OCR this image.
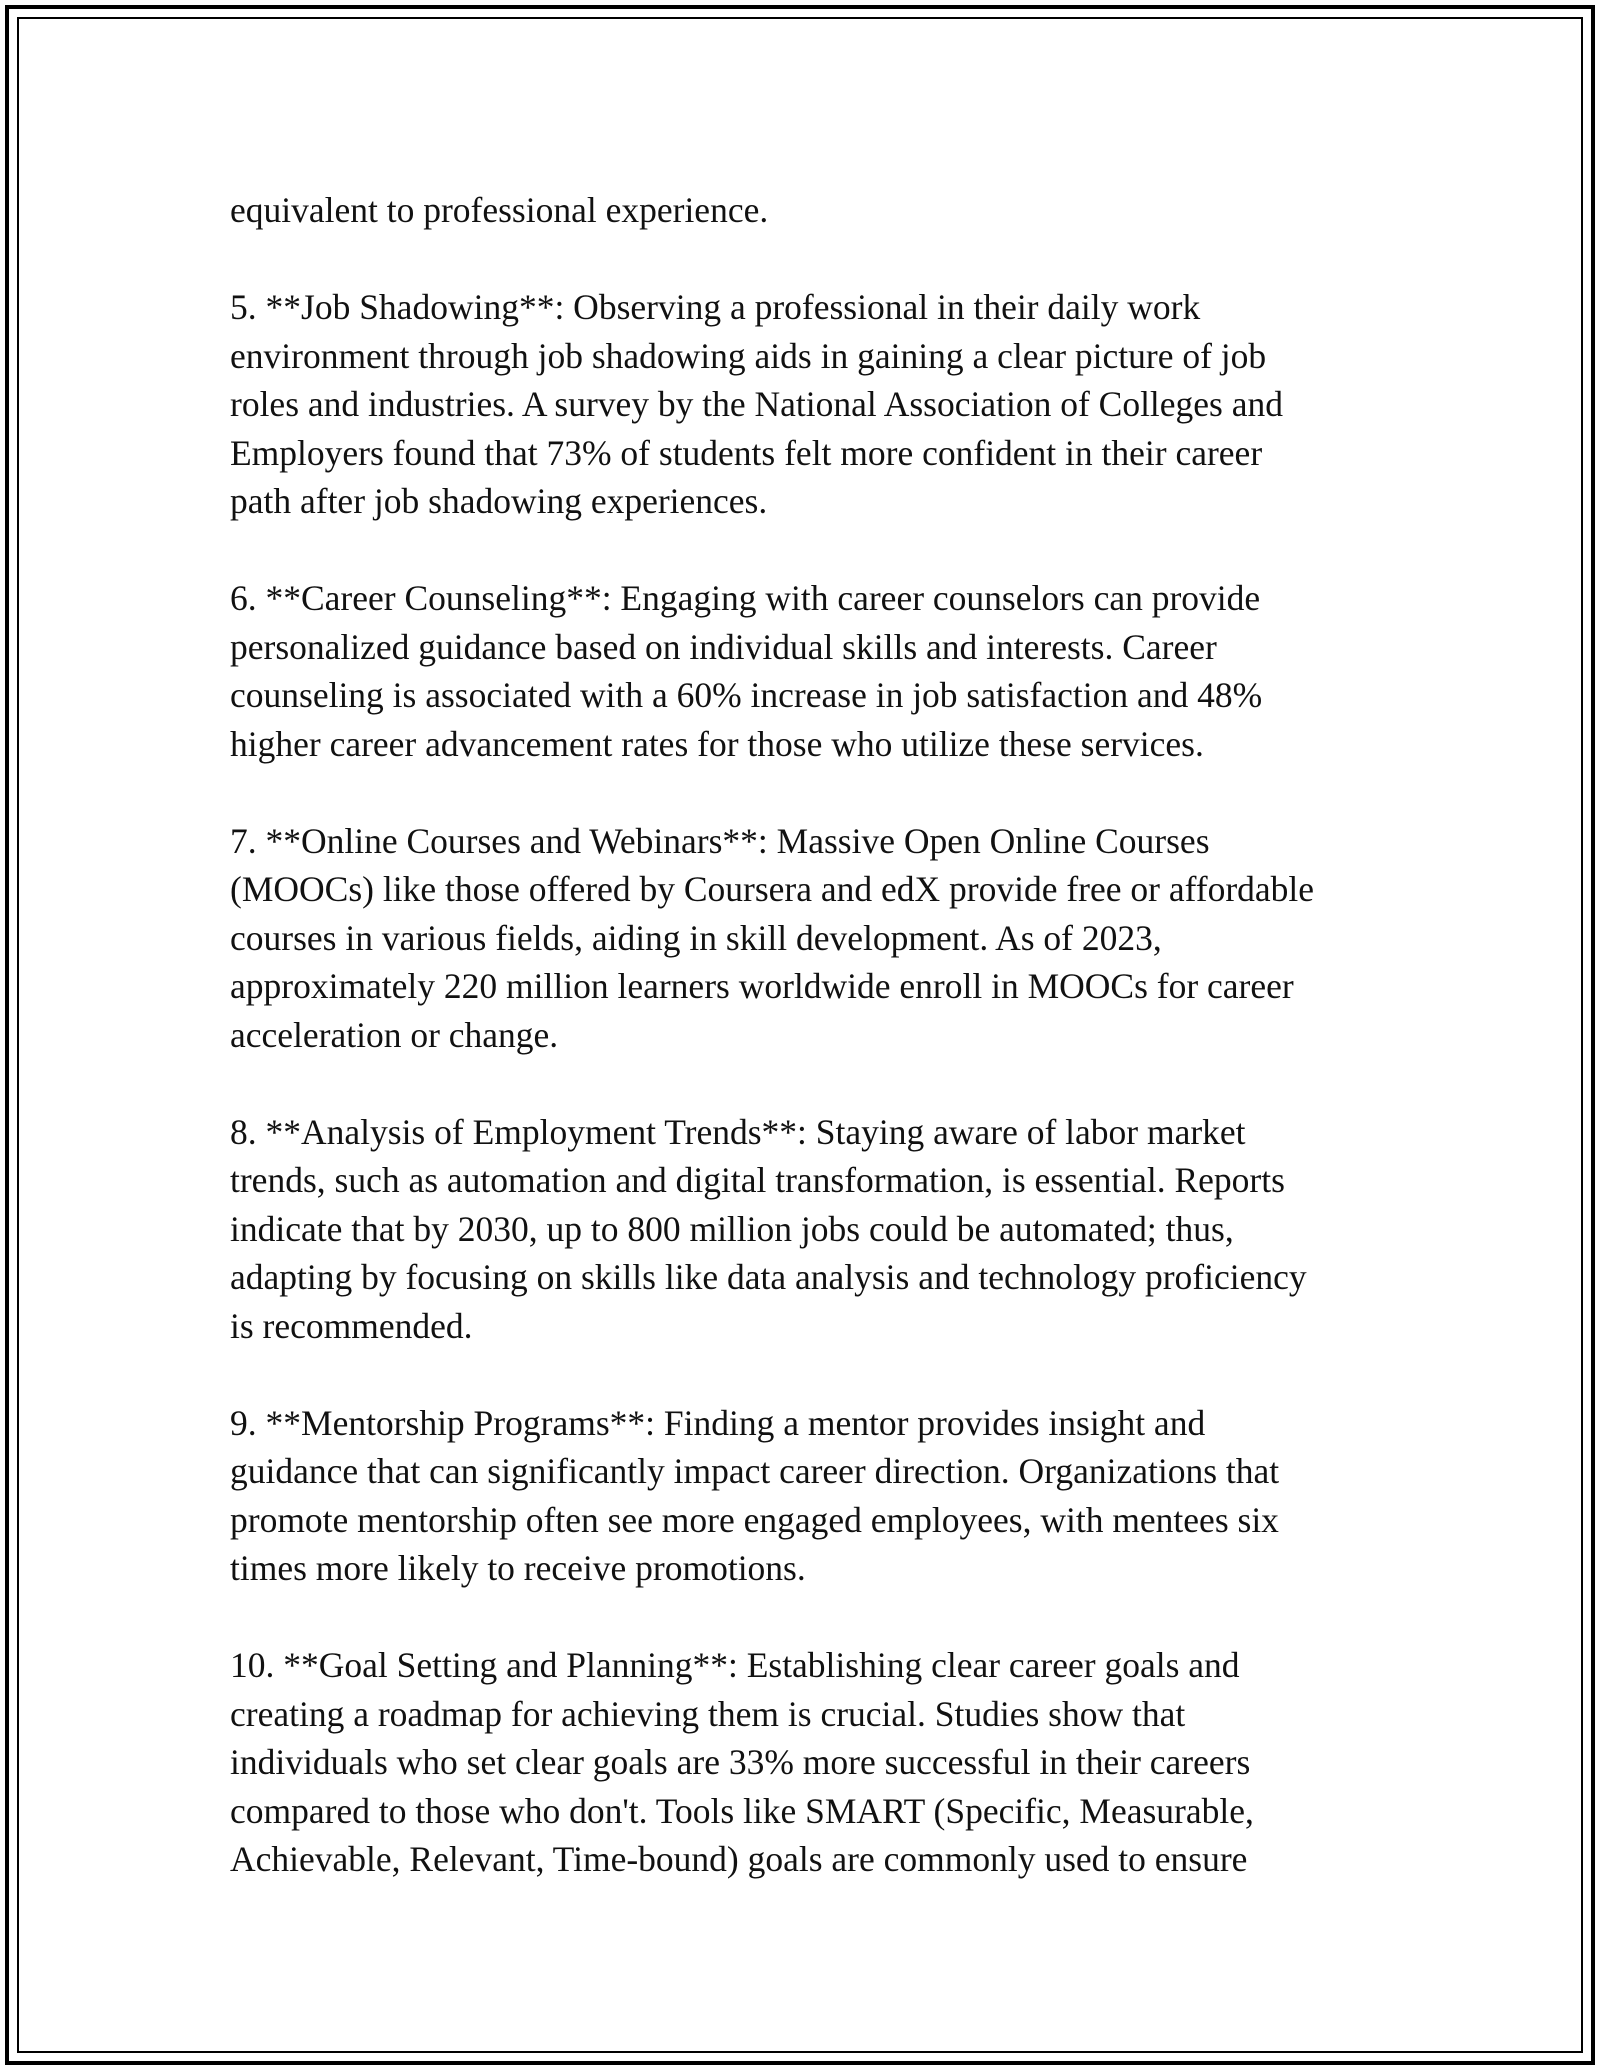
equivalent to professional experience.

5. **Job Shadowing**: Observing a professional in their daily work
environment through job shadowing aids in gaining a clear picture of job
roles and industries. A survey by the National Association of Colleges and
Employers found that 73% of students felt more confident in their career
path after job shadowing experiences.

6. **Career Counseling**: Engaging with career counselors can provide
personalized guidance based on individual skills and interests. Career
counseling is associated with a 60% increase in job satisfaction and 48%
higher career advancement rates for those who utilize these services.

7. **Online Courses and Webinars**: Massive Open Online Courses
(MOOCs) like those offered by Coursera and edX provide free or affordable
courses in various fields, aiding in skill development. As of 2023,
approximately 220 million learners worldwide enroll in MOOCs for career
acceleration or change.

8. **Analysis of Employment Trends**: Staying aware of labor market
trends, such as automation and digital transformation, is essential. Reports
indicate that by 2030, up to 800 million jobs could be automated; thus,
adapting by focusing on skills like data analysis and technology proficiency
is recommended.

9. **Mentorship Programs**: Finding a mentor provides insight and
guidance that can significantly impact career direction. Organizations that
promote mentorship often see more engaged employees, with mentees six
times more likely to receive promotions.

10. **Goal Setting and Planning**: Establishing clear career goals and
creating a roadmap for achieving them is crucial. Studies show that
individuals who set clear goals are 33% more successful in their careers
compared to those who don't. Tools like SMART (Specific, Measurable,
Achievable, Relevant, Time-bound) goals are commonly used to ensure
